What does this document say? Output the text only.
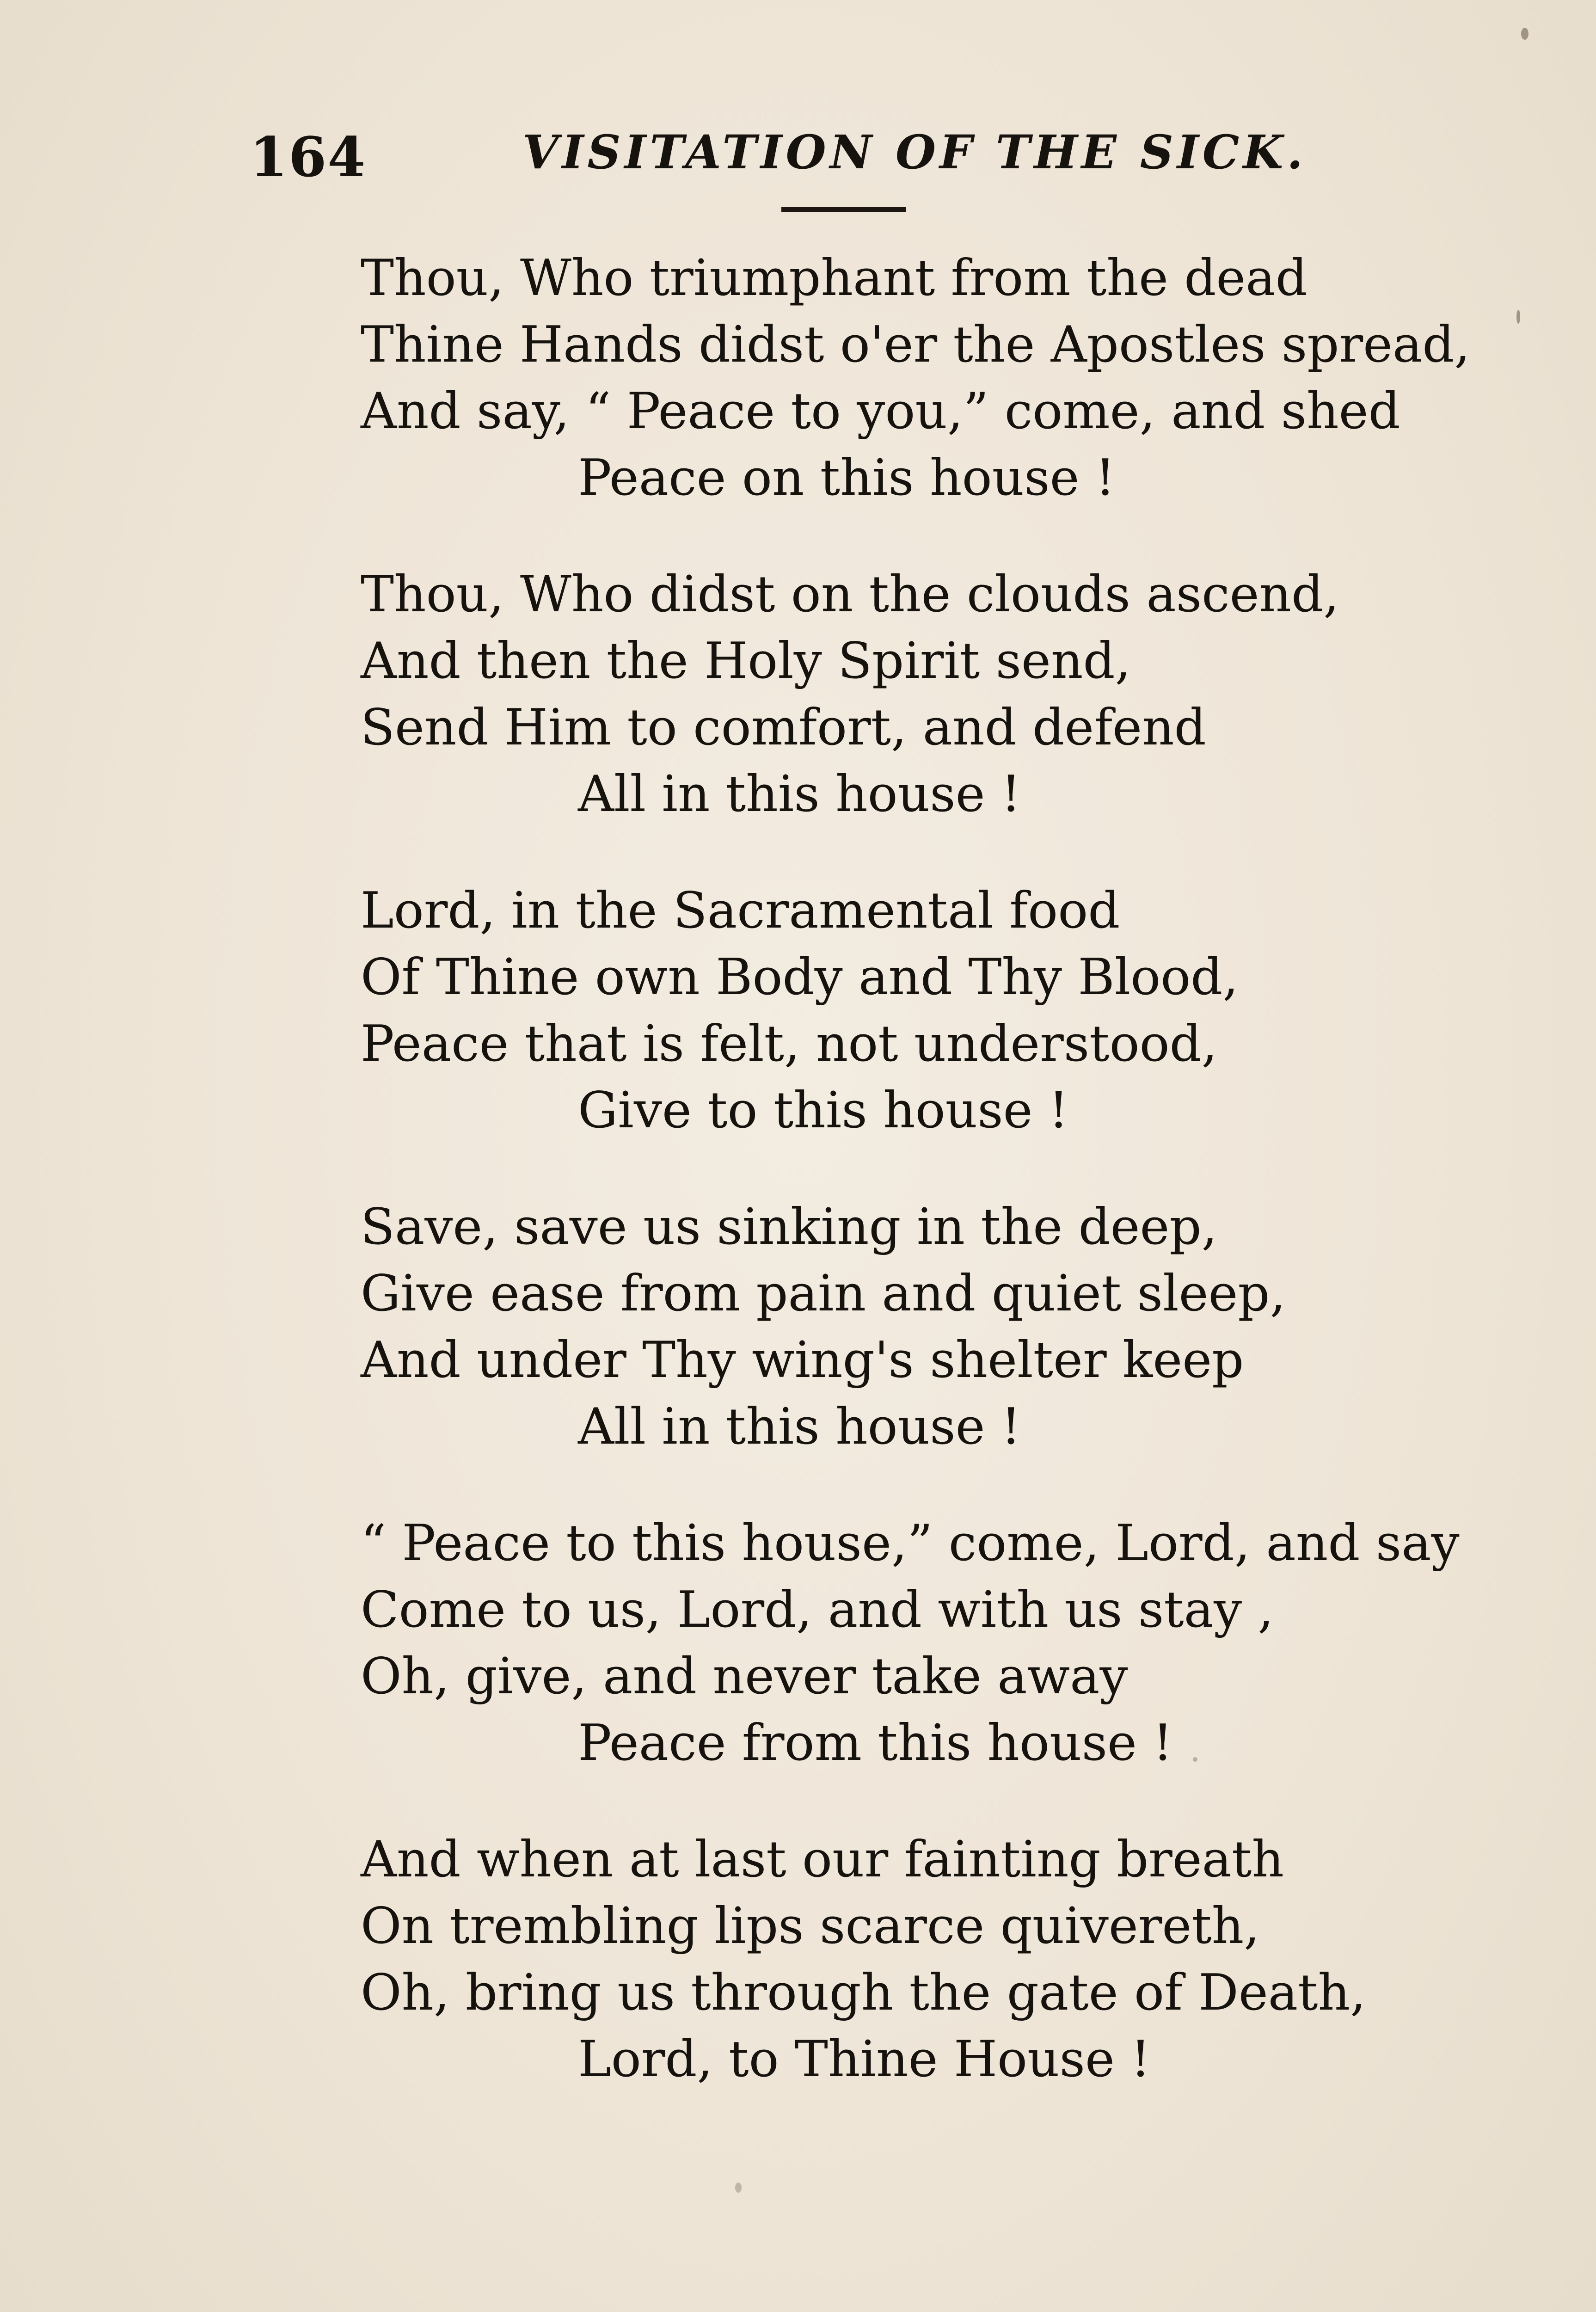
164	VISITATION OF THE SICK.
Thou, Who triumphant from the dead
Thine Hands didst o'er the Apostles spread,
And say, “ Peace to you,” come, and shed
Peace on this house !
Thou, Who didst on the clouds ascend,
And then the Holy Spirit send,
Send Him to comfort, and defend
All in this house !
Lord, in the Sacramental food
Of Thine own Body and Thy Blood,
Peace that is felt, not understood,
Give to this house !
Save, save us sinking in the deep,
Give ease from pain and quiet sleep,
And under Thy wing's shelter keep
All in this house !
“ Peace to this house,” come, Lord, and say
Come to us, Lord, and with us stay ,
Oh, give, and never take away
Peace from this house !
And when at last our fainting breath
On trembling lips scarce quivereth,
Oh, bring us through the gate of Death,
Lord, to Thine House !
